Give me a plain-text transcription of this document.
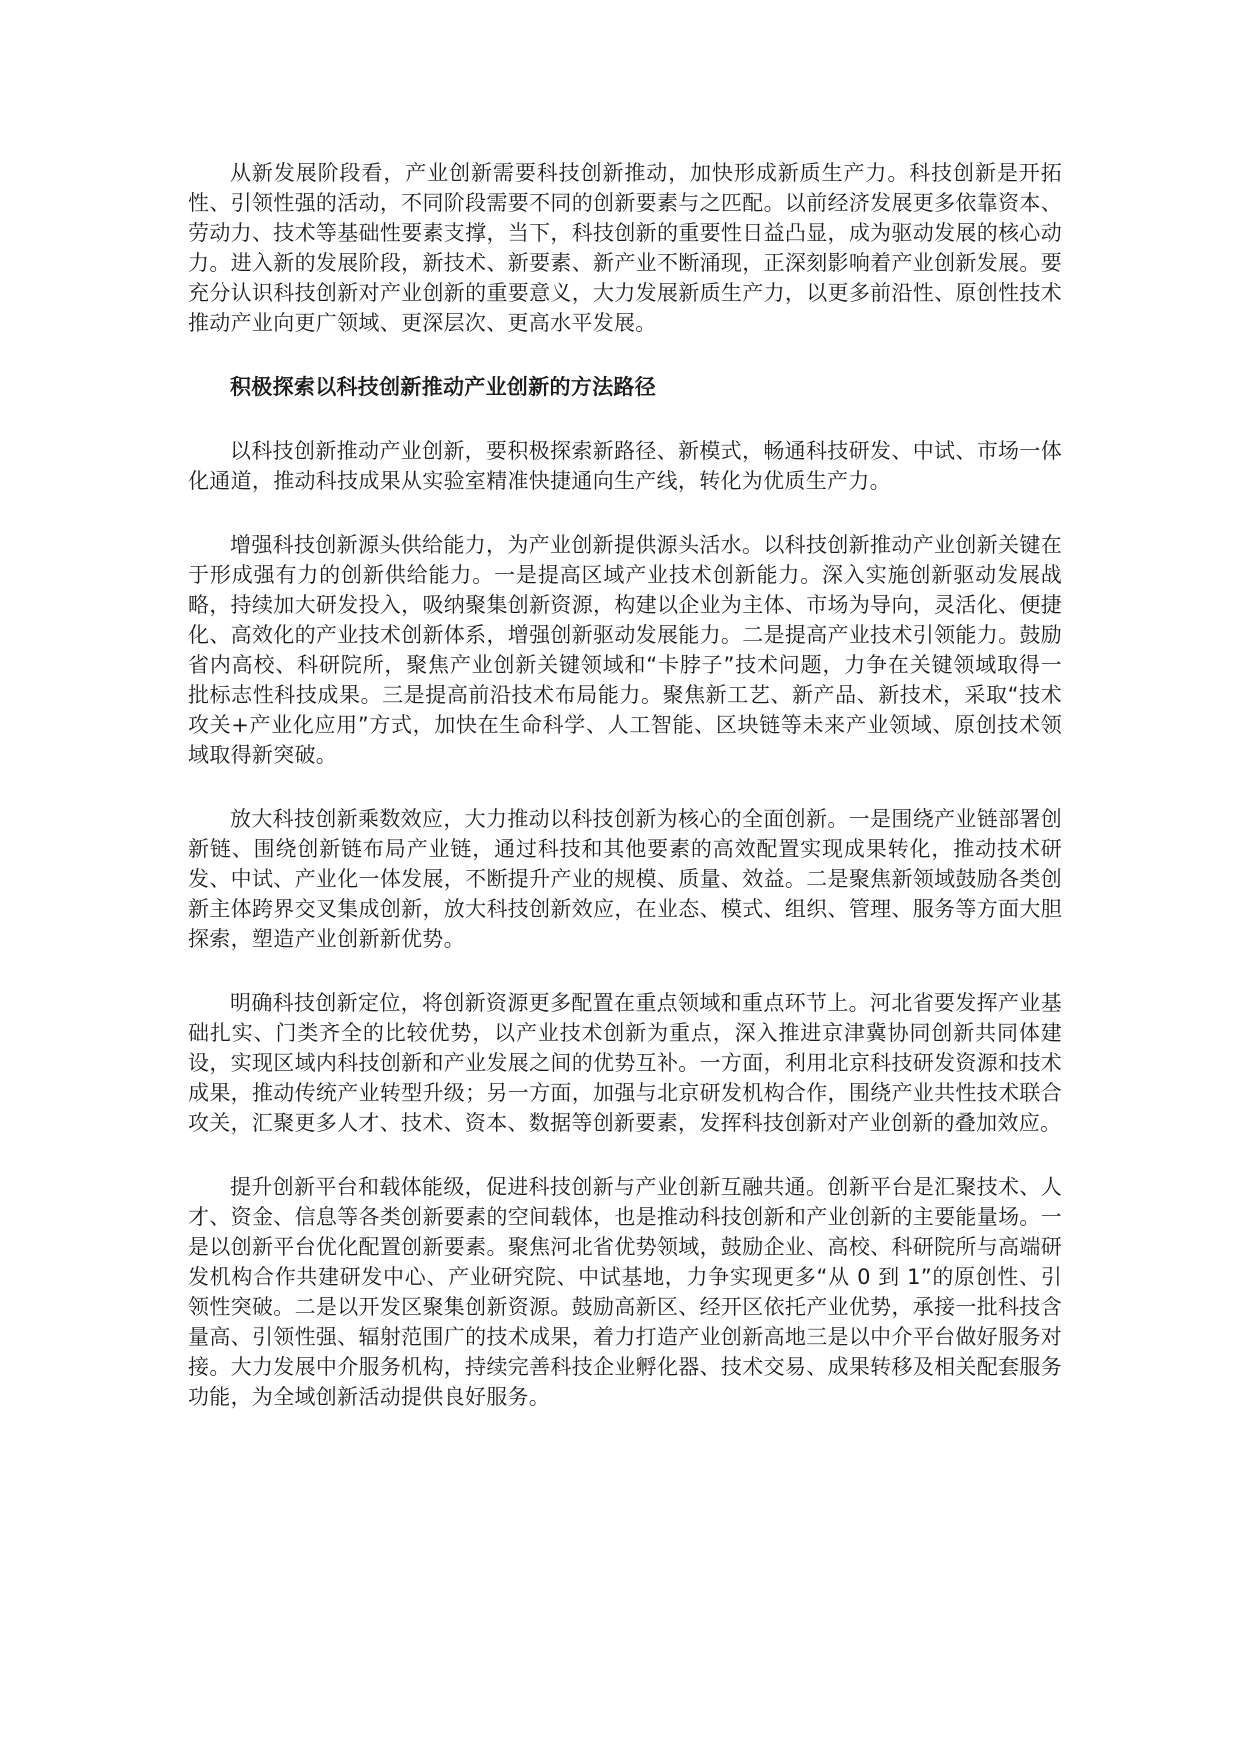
从新发展阶段看，产业创新需要科技创新推动，加快形成新质生产力。科技创新是开拓性、引领性强的活动，不同阶段需要不同的创新要素与之匹配。以前经济发展更多依靠资本、劳动力、技术等基础性要素支撑，当下，科技创新的重要性日益凸显，成为驱动发展的核心动力。进入新的发展阶段，新技术、新要素、新产业不断涌现，正深刻影响着产业创新发展。要充分认识科技创新对产业创新的重要意义，大力发展新质生产力，以更多前沿性、原创性技术推动产业向更广领域、更深层次、更高水平发展。

积极探索以科技创新推动产业创新的方法路径

以科技创新推动产业创新，要积极探索新路径、新模式，畅通科技研发、中试、市场一体化通道，推动科技成果从实验室精准快捷通向生产线，转化为优质生产力。

增强科技创新源头供给能力，为产业创新提供源头活水。以科技创新推动产业创新关键在于形成强有力的创新供给能力。一是提高区域产业技术创新能力。深入实施创新驱动发展战略，持续加大研发投入，吸纳聚集创新资源，构建以企业为主体、市场为导向，灵活化、便捷化、高效化的产业技术创新体系，增强创新驱动发展能力。二是提高产业技术引领能力。鼓励省内高校、科研院所，聚焦产业创新关键领域和“卡脖子”技术问题，力争在关键领域取得一批标志性科技成果。三是提高前沿技术布局能力。聚焦新工艺、新产品、新技术，采取“技术攻关+产业化应用”方式，加快在生命科学、人工智能、区块链等未来产业领域、原创技术领域取得新突破。

放大科技创新乘数效应，大力推动以科技创新为核心的全面创新。一是围绕产业链部署创新链、围绕创新链布局产业链，通过科技和其他要素的高效配置实现成果转化，推动技术研发、中试、产业化一体发展，不断提升产业的规模、质量、效益。二是聚焦新领域鼓励各类创新主体跨界交叉集成创新，放大科技创新效应，在业态、模式、组织、管理、服务等方面大胆探索，塑造产业创新新优势。

明确科技创新定位，将创新资源更多配置在重点领域和重点环节上。河北省要发挥产业基础扎实、门类齐全的比较优势，以产业技术创新为重点，深入推进京津冀协同创新共同体建设，实现区域内科技创新和产业发展之间的优势互补。一方面，利用北京科技研发资源和技术成果，推动传统产业转型升级；另一方面，加强与北京研发机构合作，围绕产业共性技术联合攻关，汇聚更多人才、技术、资本、数据等创新要素，发挥科技创新对产业创新的叠加效应。

提升创新平台和载体能级，促进科技创新与产业创新互融共通。创新平台是汇聚技术、人才、资金、信息等各类创新要素的空间载体，也是推动科技创新和产业创新的主要能量场。一是以创新平台优化配置创新要素。聚焦河北省优势领域，鼓励企业、高校、科研院所与高端研发机构合作共建研发中心、产业研究院、中试基地，力争实现更多“从 0 到 1”的原创性、引领性突破。二是以开发区聚集创新资源。鼓励高新区、经开区依托产业优势，承接一批科技含量高、引领性强、辐射范围广的技术成果，着力打造产业创新高地三是以中介平台做好服务对接。大力发展中介服务机构，持续完善科技企业孵化器、技术交易、成果转移及相关配套服务功能，为全域创新活动提供良好服务。
